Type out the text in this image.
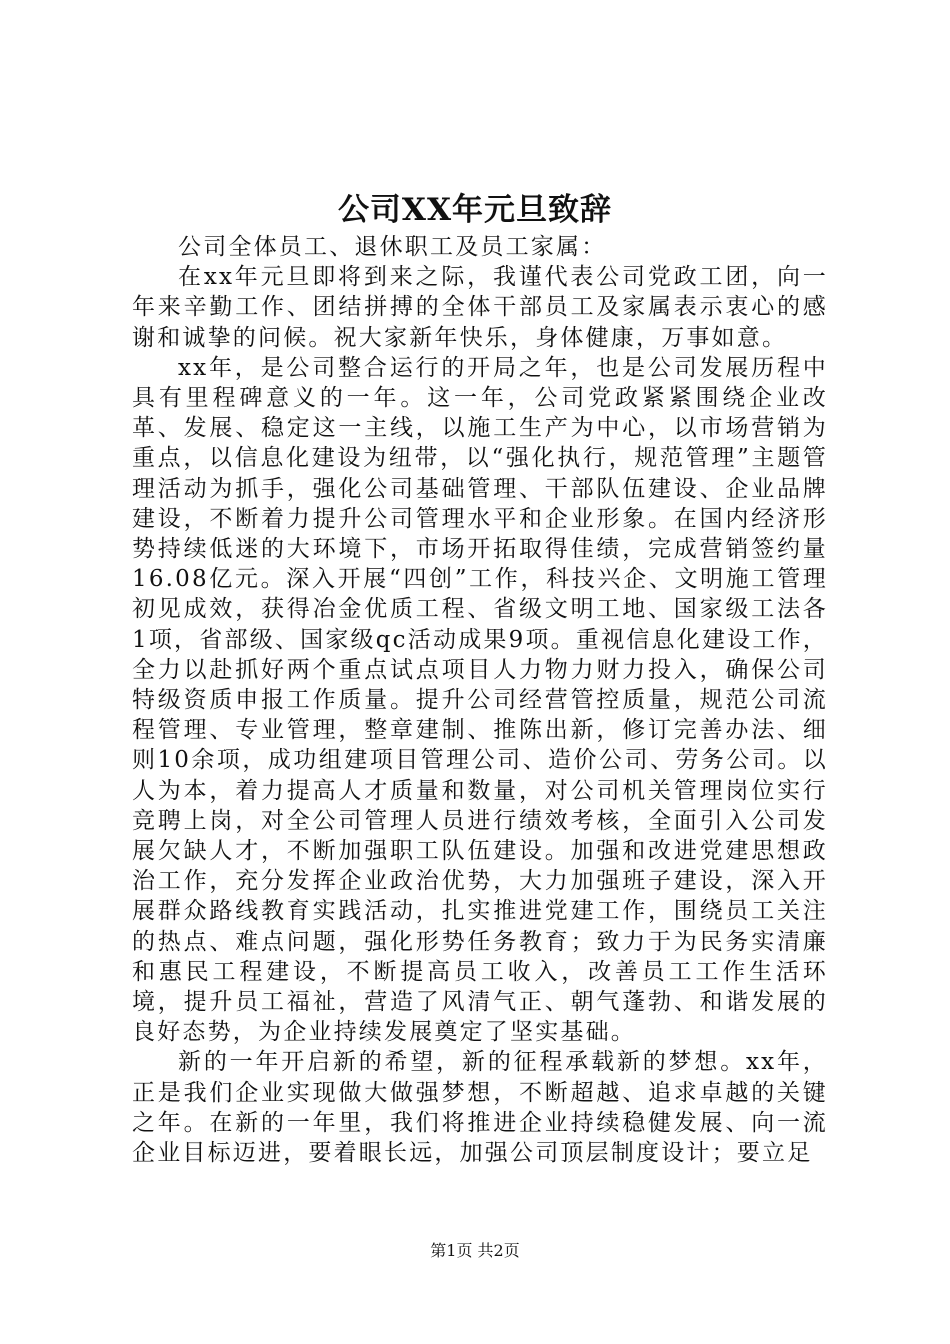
公司XX年元旦致辞

公司全体员工、退休职工及员工家属：

在xx年元旦即将到来之际，我谨代表公司党政工团，向一年来辛勤工作、团结拼搏的全体干部员工及家属表示衷心的感谢和诚挚的问候。祝大家新年快乐，身体健康，万事如意。

xx年，是公司整合运行的开局之年，也是公司发展历程中具有里程碑意义的一年。这一年，公司党政紧紧围绕企业改革、发展、稳定这一主线，以施工生产为中心，以市场营销为重点，以信息化建设为纽带，以“强化执行，规范管理”主题管理活动为抓手，强化公司基础管理、干部队伍建设、企业品牌建设，不断着力提升公司管理水平和企业形象。在国内经济形势持续低迷的大环境下，市场开拓取得佳绩，完成营销签约量16.08亿元。深入开展“四创”工作，科技兴企、文明施工管理初见成效，获得冶金优质工程、省级文明工地、国家级工法各1项，省部级、国家级qc活动成果9项。重视信息化建设工作，全力以赴抓好两个重点试点项目人力物力财力投入，确保公司特级资质申报工作质量。提升公司经营管控质量，规范公司流程管理、专业管理，整章建制、推陈出新，修订完善办法、细则10余项，成功组建项目管理公司、造价公司、劳务公司。以人为本，着力提高人才质量和数量，对公司机关管理岗位实行竞聘上岗，对全公司管理人员进行绩效考核，全面引入公司发展欠缺人才，不断加强职工队伍建设。加强和改进党建思想政治工作，充分发挥企业政治优势，大力加强班子建设，深入开展群众路线教育实践活动，扎实推进党建工作，围绕员工关注的热点、难点问题，强化形势任务教育；致力于为民务实清廉和惠民工程建设，不断提高员工收入，改善员工工作生活环境，提升员工福祉，营造了风清气正、朝气蓬勃、和谐发展的良好态势，为企业持续发展奠定了坚实基础。

新的一年开启新的希望，新的征程承载新的梦想。xx年，正是我们企业实现做大做强梦想，不断超越、追求卓越的关键之年。在新的一年里，我们将推进企业持续稳健发展、向一流企业目标迈进，要着眼长远，加强公司顶层制度设计；要立足

第1页 共2页
